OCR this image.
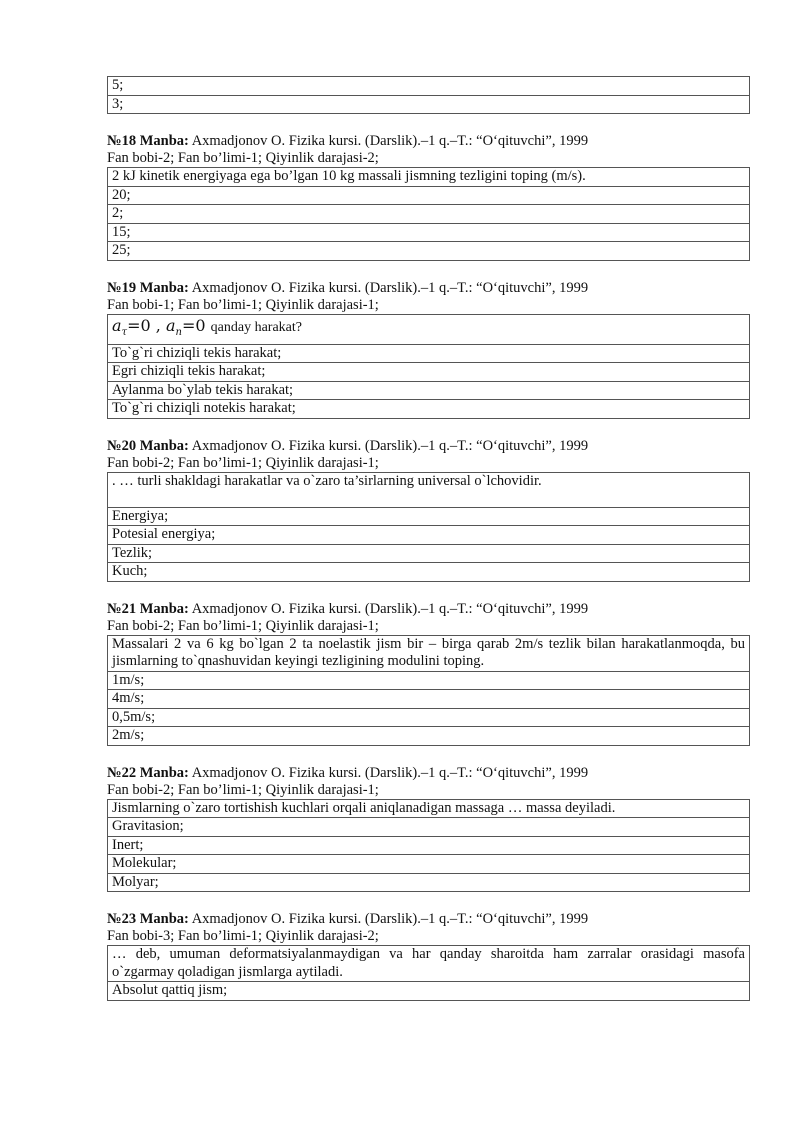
5;
3;
№18 Manba: Axmadjonov O. Fizika kursi. (Darslik).–1 q.–T.: “O‘qituvchi”, 1999
Fan bobi-2; Fan bo’limi-1; Qiyinlik darajasi-2;
2 kJ kinetik energiyaga ega bo’lgan 10 kg massali jismning tezligini toping (m/s).
20;
2;
15;
25;
№19 Manba: Axmadjonov O. Fizika kursi. (Darslik).–1 q.–T.: “O‘qituvchi”, 1999
Fan bobi-1; Fan bo’limi-1; Qiyinlik darajasi-1;
$a_\tau=0$ , $a_n=0$ qanday harakat?
To`g`ri chiziqli tekis harakat;
Egri chiziqli tekis harakat;
Aylanma bo`ylab tekis harakat;
To`g`ri chiziqli notekis harakat;
№20 Manba: Axmadjonov O. Fizika kursi. (Darslik).–1 q.–T.: “O‘qituvchi”, 1999
Fan bobi-2; Fan bo’limi-1; Qiyinlik darajasi-1;
. … turli shakldagi harakatlar va o`zaro ta’sirlarning universal o`lchovidir.
Energiya;
Potesial energiya;
Tezlik;
Kuch;
№21 Manba: Axmadjonov O. Fizika kursi. (Darslik).–1 q.–T.: “O‘qituvchi”, 1999
Fan bobi-2; Fan bo’limi-1; Qiyinlik darajasi-1;
Massalari 2 va 6 kg bo`lgan 2 ta noelastik jism bir – birga qarab 2m/s tezlik bilan harakatlanmoqda, bu jismlarning to`qnashuvidan keyingi tezligining modulini toping.
1m/s;
4m/s;
0,5m/s;
2m/s;
№22 Manba: Axmadjonov O. Fizika kursi. (Darslik).–1 q.–T.: “O‘qituvchi”, 1999
Fan bobi-2; Fan bo’limi-1; Qiyinlik darajasi-1;
Jismlarning o`zaro tortishish kuchlari orqali aniqlanadigan massaga … massa deyiladi.
Gravitasion;
Inert;
Molekular;
Molyar;
№23 Manba: Axmadjonov O. Fizika kursi. (Darslik).–1 q.–T.: “O‘qituvchi”, 1999
Fan bobi-3; Fan bo’limi-1; Qiyinlik darajasi-2;
… deb, umuman deformatsiyalanmaydigan va har qanday sharoitda ham zarralar orasidagi masofa o`zgarmay qoladigan jismlarga aytiladi.
Absolut qattiq jism;
